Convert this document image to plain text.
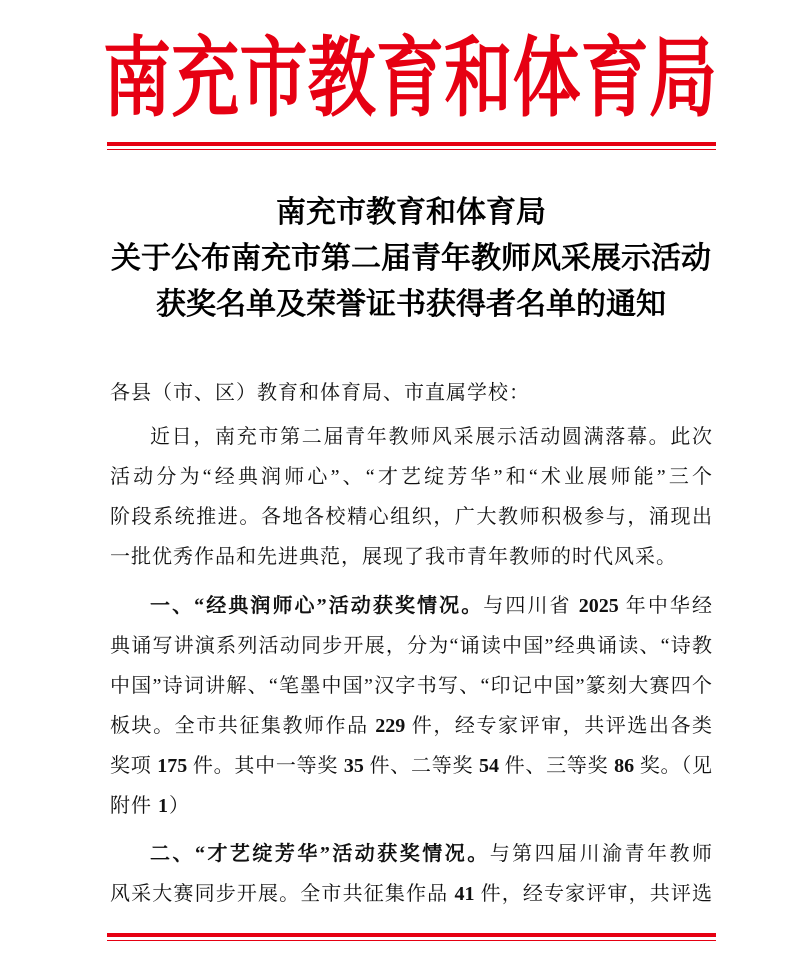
南充市教育和体育局
南充市教育和体育局
关于公布南充市第二届青年教师风采展示活动
获奖名单及荣誉证书获得者名单的通知
各县（市、区）教育和体育局、市直属学校：
近日，南充市第二届青年教师风采展示活动圆满落幕。此次
活动分为“经典润师心”、“才艺绽芳华”和“术业展师能”三个
阶段系统推进。各地各校精心组织，广大教师积极参与，涌现出
一批优秀作品和先进典范，展现了我市青年教师的时代风采。
一、“经典润师心”活动获奖情况。与四川省 2025 年中华经
典诵写讲演系列活动同步开展，分为“诵读中国”经典诵读、“诗教
中国”诗词讲解、“笔墨中国”汉字书写、“印记中国”篆刻大赛四个
板块。全市共征集教师作品 229 件，经专家评审，共评选出各类
奖项 175 件。其中一等奖 35 件、二等奖 54 件、三等奖 86 奖。（见
附件 1）
二、“才艺绽芳华”活动获奖情况。与第四届川渝青年教师
风采大赛同步开展。全市共征集作品 41 件，经专家评审，共评选
